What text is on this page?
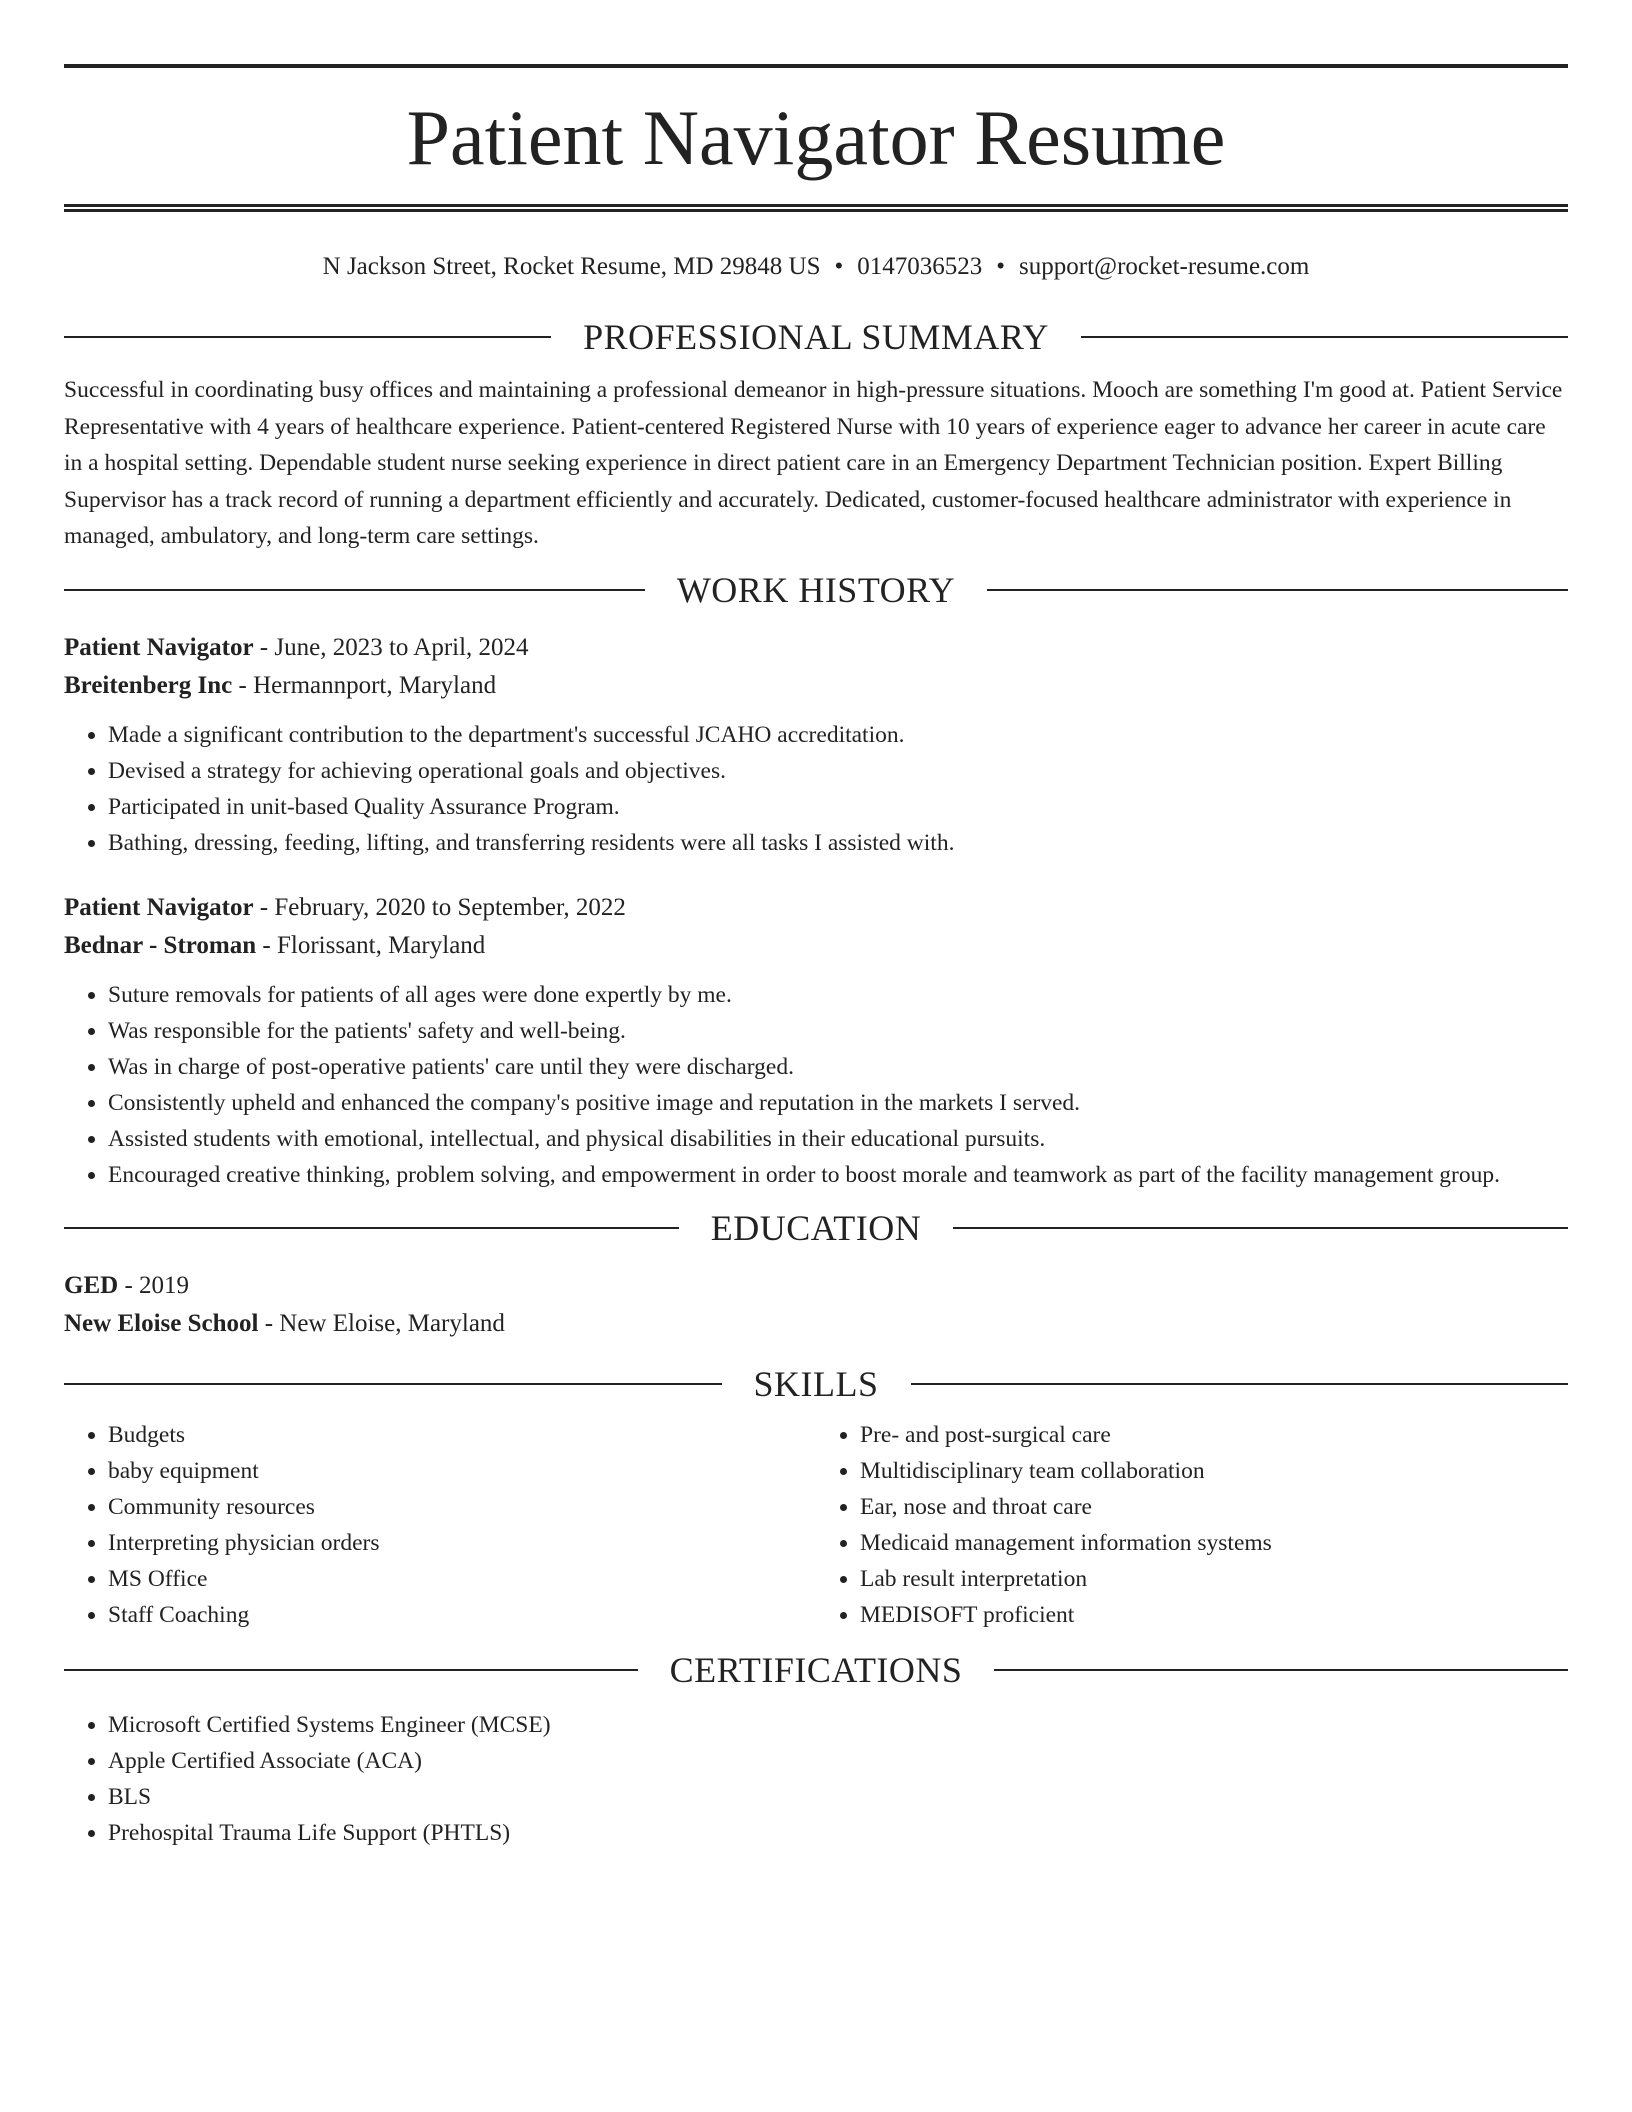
Patient Navigator Resume
N Jackson Street, Rocket Resume, MD 29848 US • 0147036523 • support@rocket-resume.com
PROFESSIONAL SUMMARY

Successful in coordinating busy offices and maintaining a professional demeanor in high-pressure situations. Mooch are something I'm good at. Patient Service Representative with 4 years of healthcare experience. Patient-centered Registered Nurse with 10 years of experience eager to advance her career in acute care in a hospital setting. Dependable student nurse seeking experience in direct patient care in an Emergency Department Technician position. Expert Billing Supervisor has a track record of running a department efficiently and accurately. Dedicated, customer-focused healthcare administrator with experience in managed, ambulatory, and long-term care settings.

WORK HISTORY
Patient Navigator - June, 2023 to April, 2024
Breitenberg Inc - Hermannport, Maryland
• Made a significant contribution to the department's successful JCAHO accreditation.
• Devised a strategy for achieving operational goals and objectives.
• Participated in unit-based Quality Assurance Program.
• Bathing, dressing, feeding, lifting, and transferring residents were all tasks I assisted with.
Patient Navigator - February, 2020 to September, 2022
Bednar - Stroman - Florissant, Maryland
• Suture removals for patients of all ages were done expertly by me.
• Was responsible for the patients' safety and well-being.
• Was in charge of post-operative patients' care until they were discharged.
• Consistently upheld and enhanced the company's positive image and reputation in the markets I served.
• Assisted students with emotional, intellectual, and physical disabilities in their educational pursuits.
• Encouraged creative thinking, problem solving, and empowerment in order to boost morale and teamwork as part of the facility management group.
EDUCATION
GED - 2019
New Eloise School - New Eloise, Maryland
SKILLS
• Budgets
• baby equipment
• Community resources
• Interpreting physician orders
• MS Office
• Staff Coaching
• Pre- and post-surgical care
• Multidisciplinary team collaboration
• Ear, nose and throat care
• Medicaid management information systems
• Lab result interpretation
• MEDISOFT proficient
CERTIFICATIONS
• Microsoft Certified Systems Engineer (MCSE)
• Apple Certified Associate (ACA)
• BLS
• Prehospital Trauma Life Support (PHTLS)
